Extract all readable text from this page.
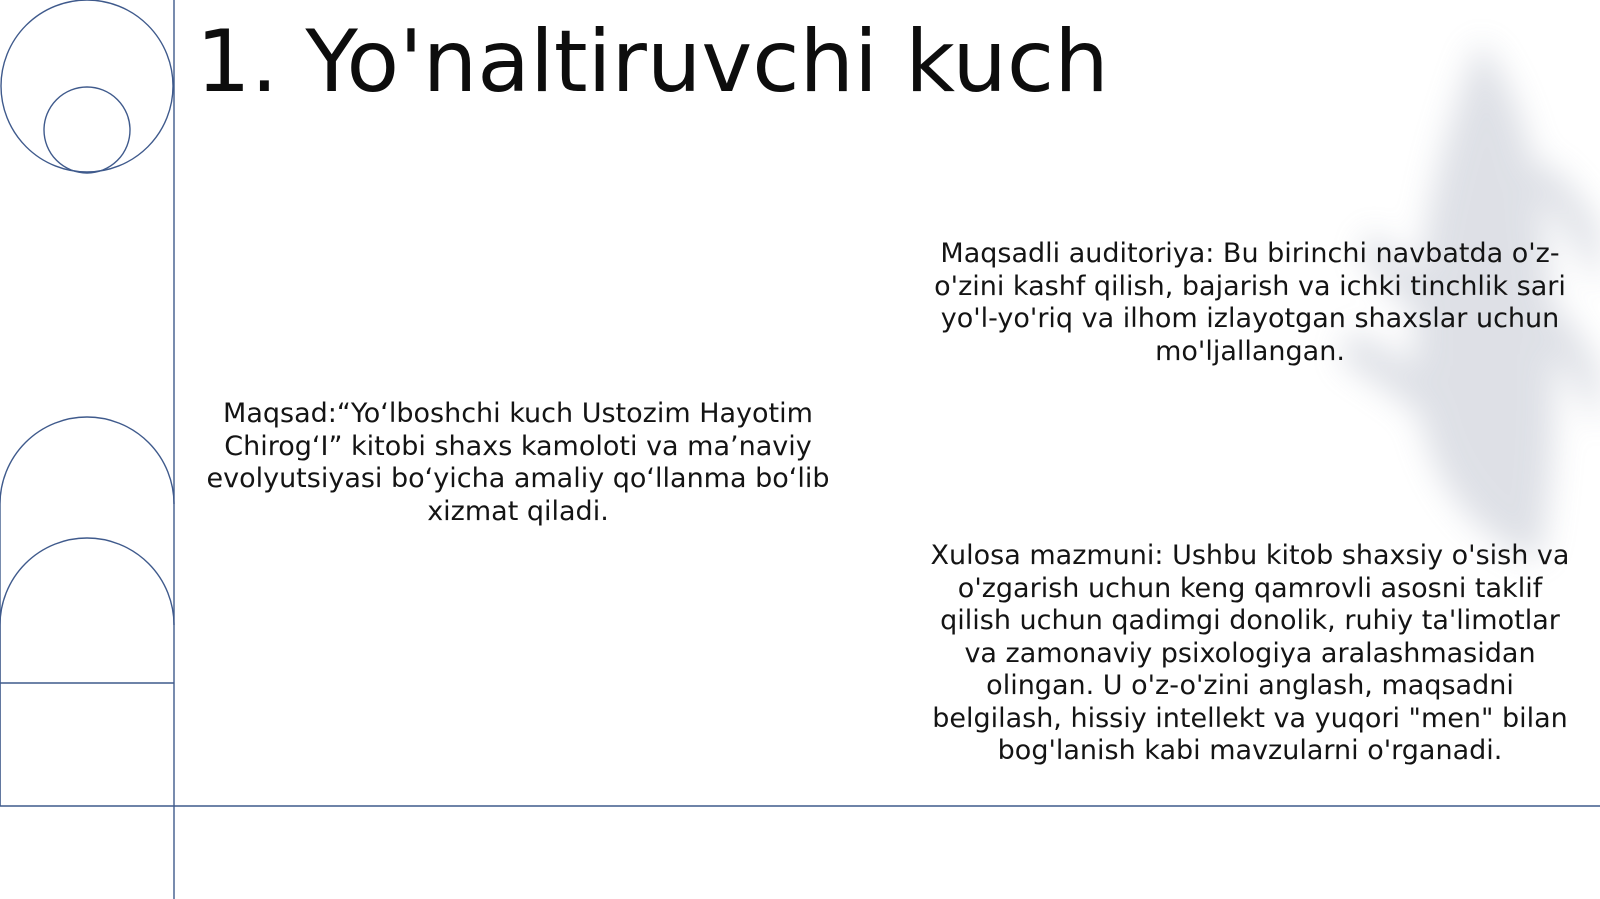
1. Yo'naltiruvchi kuch

Maqsad:“Yo‘lboshchi kuch Ustozim Hayotim Chirog‘I” kitobi shaxs kamoloti va ma’naviy evolyutsiyasi bo‘yicha amaliy qo‘llanma bo‘lib xizmat qiladi.

Maqsadli auditoriya: Bu birinchi navbatda o'z-o'zini kashf qilish, bajarish va ichki tinchlik sari yo'l-yo'riq va ilhom izlayotgan shaxslar uchun mo'ljallangan.

Xulosa mazmuni: Ushbu kitob shaxsiy o'sish va o'zgarish uchun keng qamrovli asosni taklif qilish uchun qadimgi donolik, ruhiy ta'limotlar va zamonaviy psixologiya aralashmasidan olingan. U o'z-o'zini anglash, maqsadni belgilash, hissiy intellekt va yuqori "men" bilan bog'lanish kabi mavzularni o'rganadi.
